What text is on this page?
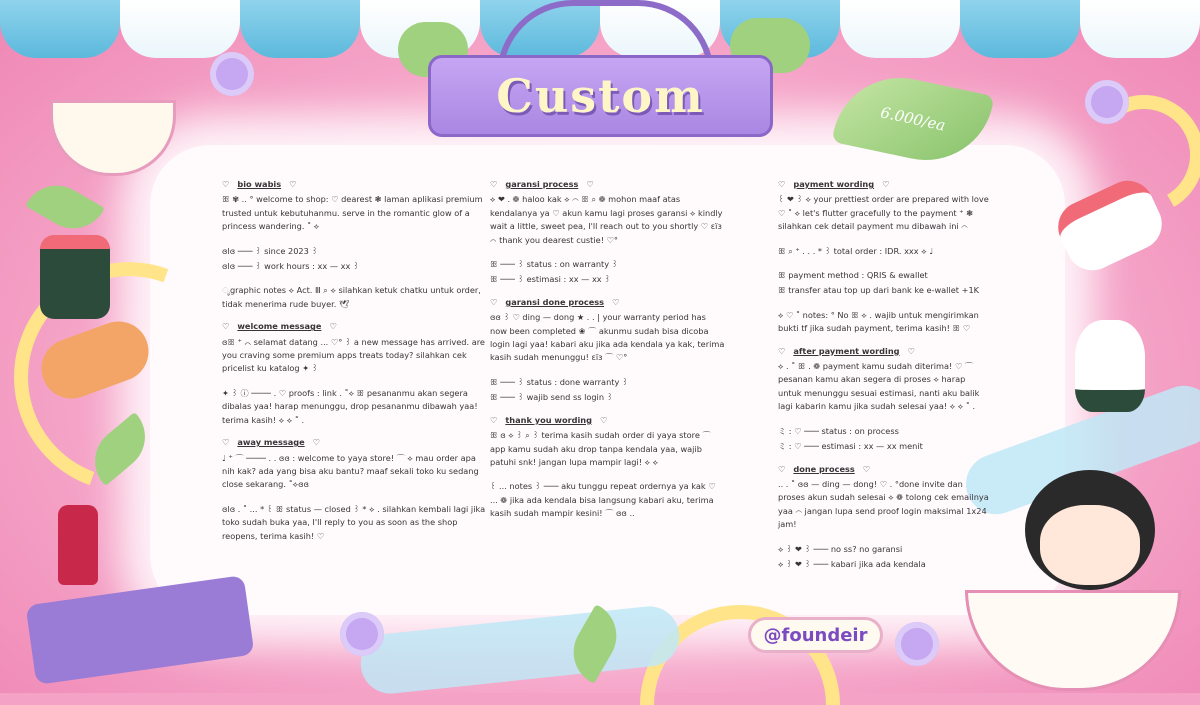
Custom	6.000/ea
@foundeir
♡ bio wabis ♡
ꕥ ✾ .. ° welcome to shop: ♡ dearest ❃ laman aplikasi premium trusted untuk kebutuhanmu. serve in the romantic glow of a princess wandering. ˚ ⟡
ɞlɞ ─── ꒱ since 2023 ꒱
ɞlɞ ─── ꒱ work hours : xx — xx ꒱
ೃgraphic notes ⟡ Act. Ⅲ ⌕ ⟡ silahkan ketuk chatku untuk order, tidak menerima rude buyer. 🕊
♡ welcome message ♡
ɞꕥ ⁺ ⌒ selamat datang ... ♡° ꒱ a new message has arrived. are you craving some premium apps treats today? silahkan cek pricelist ku katalog ✦ ꒱
✦ ꒱ ⓘ ──── . ♡ proofs : link . ˚⟡ ꕥ pesananmu akan segera dibalas yaa! harap menunggu, drop pesananmu dibawah yaa! terima kasih! ⟡ ⟡ ˚ .
♡ away message ♡
♩ ⁺ ⌒ ──── . . ɞɞ : welcome to yaya store! ⌒ ⟡ mau order apa nih kak? ada yang bisa aku bantu? maaf sekali toko ku sedang close sekarang. ˚⟡ɞɞ
ɞlɞ . ˚ ... * ꒰ ꕥ status — closed ꒱ * ⟡ . silahkan kembali lagi jika toko sudah buka yaa, I'll reply to you as soon as the shop reopens, terima kasih! ♡
♡ garansi process ♡
⟡ ❤ . ❁ haloo kak ⟡ ⌒ ꕥ ⌕ ❁ mohon maaf atas kendalanya ya ♡ akun kamu lagi proses garansi ⟡ kindly wait a little, sweet pea, I'll reach out to you shortly ♡ ɛïɜ ⌒ thank you dearest custie! ♡°
ꕥ ─── ꒱ status : on warranty ꒱
ꕥ ─── ꒱ estimasi : xx — xx ꒱
♡ garansi done process ♡
ɞɞ ꒱ ♡ ding — dong ★ . . | your warranty period has now been completed ❀ ⌒ akunmu sudah bisa dicoba login lagi yaa! kabari aku jika ada kendala ya kak, terima kasih sudah menunggu! ɛïɜ ⌒ ♡°
ꕥ ─── ꒱ status : done warranty ꒱
ꕥ ─── ꒱ wajib send ss login ꒱
♡ thank you wording ♡
ꕥ ɞ ⟡ ꒱ ⌕ ꒱ terima kasih sudah order di yaya store ⌒ app kamu sudah aku drop tanpa kendala yaa, wajib patuhi snk! jangan lupa mampir lagi! ⟡ ⟡
꒰ ... notes ꒱ ─── aku tunggu repeat ordernya ya kak ♡ ... ❁ jika ada kendala bisa langsung kabari aku, terima kasih sudah mampir kesini! ⌒ ɞɞ ..
♡ payment wording ♡
꒰ ❤ ꒱ ⟡ your prettiest order are prepared with love ♡ ˚ ⟡ let's flutter gracefully to the payment ⁺ ❃ silahkan cek detail payment mu dibawah ini ⌒
ꕥ ⌕ ⁺ . . . * ꒱ total order : IDR. xxx ⟡ ♩
ꕥ payment method : QRIS & ewallet
ꕥ transfer atau top up dari bank ke e-wallet +1K
⟡ ♡ ˚ notes: ° No ꕥ ⟡ . wajib untuk mengirimkan bukti tf jika sudah payment, terima kasih! ꕥ ♡
♡ after payment wording ♡
⟡ . ˚ ꕥ . ❁ payment kamu sudah diterima! ♡ ⌒ pesanan kamu akan segera di proses ⟡ harap untuk menunggu sesuai estimasi, nanti aku balik lagi kabarin kamu jika sudah selesai yaa! ⟡ ⟡ ˚ .
ミ : ♡ ─── status : on process
ミ : ♡ ─── estimasi : xx — xx menit
♡ done process ♡
.. . ˚ ɞɞ — ding — dong! ♡ . °done invite dan proses akun sudah selesai ⟡ ❁ tolong cek emailnya yaa ⌒ jangan lupa send proof login maksimal 1x24 jam!
⟡ ꒱ ❤ ꒱ ─── no ss? no garansi
⟡ ꒱ ❤ ꒱ ─── kabari jika ada kendala
